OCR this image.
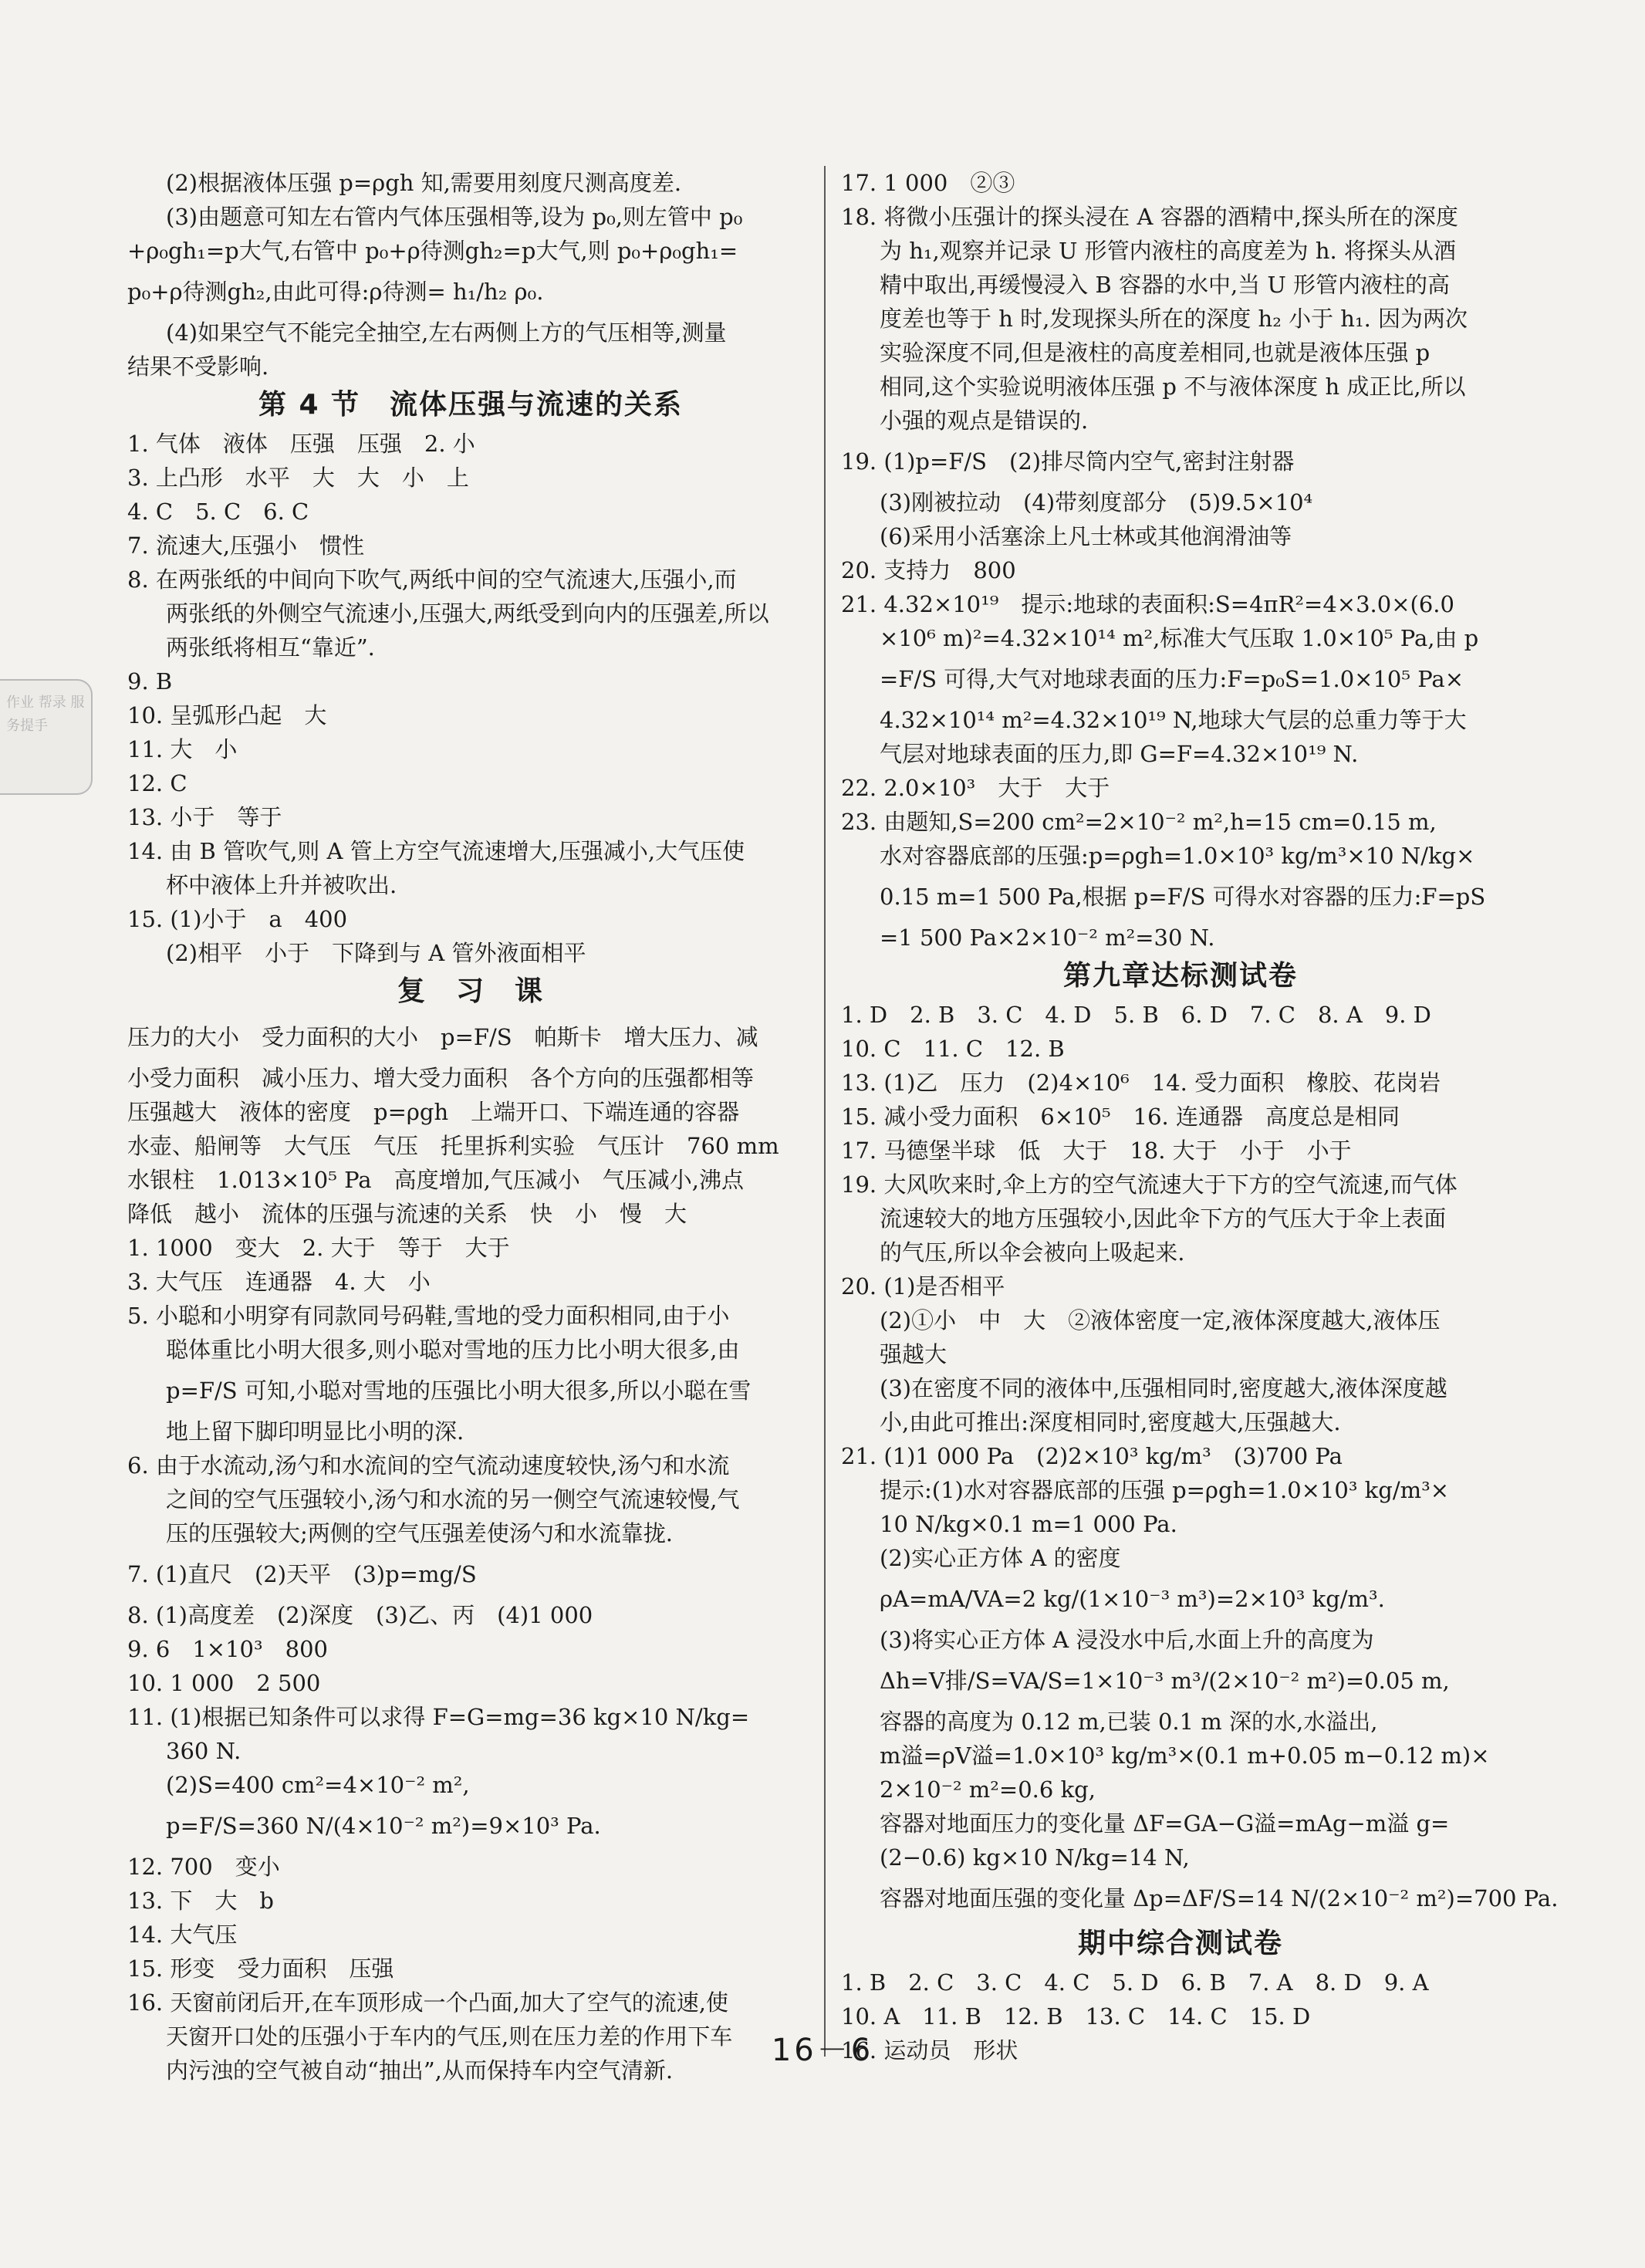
作业 帮录 服务提手
(2)根据液体压强 p=ρgh 知,需要用刻度尺测高度差.
(3)由题意可知左右管内气体压强相等,设为 p₀,则左管中 p₀
+ρ₀gh₁=p大气,右管中 p₀+ρ待测gh₂=p大气,则 p₀+ρ₀gh₁=
p₀+ρ待测gh₂,由此可得:ρ待测= h₁/h₂ ρ₀.
(4)如果空气不能完全抽空,左右两侧上方的气压相等,测量
结果不受影响.
第 4 节　流体压强与流速的关系
1. 气体　液体　压强　压强　2. 小
3. 上凸形　水平　大　大　小　上
4. C　5. C　6. C
7. 流速大,压强小　惯性
8. 在两张纸的中间向下吹气,两纸中间的空气流速大,压强小,而
两张纸的外侧空气流速小,压强大,两纸受到向内的压强差,所以
两张纸将相互“靠近”.
9. B
10. 呈弧形凸起　大
11. 大　小
12. C
13. 小于　等于
14. 由 B 管吹气,则 A 管上方空气流速增大,压强减小,大气压使
杯中液体上升并被吹出.
15. (1)小于　a　400
(2)相平　小于　下降到与 A 管外液面相平
复　习　课
压力的大小　受力面积的大小　p=F/S　帕斯卡　增大压力、减
小受力面积　减小压力、增大受力面积　各个方向的压强都相等
压强越大　液体的密度　p=ρgh　上端开口、下端连通的容器
水壶、船闸等　大气压　气压　托里拆利实验　气压计　760 mm
水银柱　1.013×10⁵ Pa　高度增加,气压减小　气压减小,沸点
降低　越小　流体的压强与流速的关系　快　小　慢　大
1. 1000　变大　2. 大于　等于　大于
3. 大气压　连通器　4. 大　小
5. 小聪和小明穿有同款同号码鞋,雪地的受力面积相同,由于小
聪体重比小明大很多,则小聪对雪地的压力比小明大很多,由
p=F/S 可知,小聪对雪地的压强比小明大很多,所以小聪在雪
地上留下脚印明显比小明的深.
6. 由于水流动,汤勺和水流间的空气流动速度较快,汤勺和水流
之间的空气压强较小,汤勺和水流的另一侧空气流速较慢,气
压的压强较大;两侧的空气压强差使汤勺和水流靠拢.
7. (1)直尺　(2)天平　(3)p=mg/S
8. (1)高度差　(2)深度　(3)乙、丙　(4)1 000
9. 6　1×10³　800
10. 1 000　2 500
11. (1)根据已知条件可以求得 F=G=mg=36 kg×10 N/kg=
360 N.
(2)S=400 cm²=4×10⁻² m²,
p=F/S=360 N/(4×10⁻² m²)=9×10³ Pa.
12. 700　变小
13. 下　大　b
14. 大气压
15. 形变　受力面积　压强
16. 天窗前闭后开,在车顶形成一个凸面,加大了空气的流速,使
天窗开口处的压强小于车内的气压,则在压力差的作用下车
内污浊的空气被自动“抽出”,从而保持车内空气清新.
17. 1 000　②③
18. 将微小压强计的探头浸在 A 容器的酒精中,探头所在的深度
为 h₁,观察并记录 U 形管内液柱的高度差为 h. 将探头从酒
精中取出,再缓慢浸入 B 容器的水中,当 U 形管内液柱的高
度差也等于 h 时,发现探头所在的深度 h₂ 小于 h₁. 因为两次
实验深度不同,但是液柱的高度差相同,也就是液体压强 p
相同,这个实验说明液体压强 p 不与液体深度 h 成正比,所以
小强的观点是错误的.
19. (1)p=F/S　(2)排尽筒内空气,密封注射器
(3)刚被拉动　(4)带刻度部分　(5)9.5×10⁴
(6)采用小活塞涂上凡士林或其他润滑油等
20. 支持力　800
21. 4.32×10¹⁹　提示:地球的表面积:S=4πR²=4×3.0×(6.0
×10⁶ m)²=4.32×10¹⁴ m²,标准大气压取 1.0×10⁵ Pa,由 p
=F/S 可得,大气对地球表面的压力:F=p₀S=1.0×10⁵ Pa×
4.32×10¹⁴ m²=4.32×10¹⁹ N,地球大气层的总重力等于大
气层对地球表面的压力,即 G=F=4.32×10¹⁹ N.
22. 2.0×10³　大于　大于
23. 由题知,S=200 cm²=2×10⁻² m²,h=15 cm=0.15 m,
水对容器底部的压强:p=ρgh=1.0×10³ kg/m³×10 N/kg×
0.15 m=1 500 Pa,根据 p=F/S 可得水对容器的压力:F=pS
=1 500 Pa×2×10⁻² m²=30 N.
第九章达标测试卷
1. D　2. B　3. C　4. D　5. B　6. D　7. C　8. A　9. D
10. C　11. C　12. B
13. (1)乙　压力　(2)4×10⁶　14. 受力面积　橡胶、花岗岩
15. 减小受力面积　6×10⁵　16. 连通器　高度总是相同
17. 马德堡半球　低　大于　18. 大于　小于　小于
19. 大风吹来时,伞上方的空气流速大于下方的空气流速,而气体
流速较大的地方压强较小,因此伞下方的气压大于伞上表面
的气压,所以伞会被向上吸起来.
20. (1)是否相平
(2)①小　中　大　②液体密度一定,液体深度越大,液体压
强越大
(3)在密度不同的液体中,压强相同时,密度越大,液体深度越
小,由此可推出:深度相同时,密度越大,压强越大.
21. (1)1 000 Pa　(2)2×10³ kg/m³　(3)700 Pa
提示:(1)水对容器底部的压强 p=ρgh=1.0×10³ kg/m³×
10 N/kg×0.1 m=1 000 Pa.
(2)实心正方体 A 的密度
ρA=mA/VA=2 kg/(1×10⁻³ m³)=2×10³ kg/m³.
(3)将实心正方体 A 浸没水中后,水面上升的高度为
Δh=V排/S=VA/S=1×10⁻³ m³/(2×10⁻² m²)=0.05 m,
容器的高度为 0.12 m,已装 0.1 m 深的水,水溢出,
m溢=ρV溢=1.0×10³ kg/m³×(0.1 m+0.05 m−0.12 m)×
2×10⁻² m²=0.6 kg,
容器对地面压力的变化量 ΔF=GA−G溢=mAg−m溢 g=
(2−0.6) kg×10 N/kg=14 N,
容器对地面压强的变化量 Δp=ΔF/S=14 N/(2×10⁻² m²)=700 Pa.
期中综合测试卷
1. B　2. C　3. C　4. C　5. D　6. B　7. A　8. D　9. A
10. A　11. B　12. B　13. C　14. C　15. D
16. 运动员　形状
16－6
